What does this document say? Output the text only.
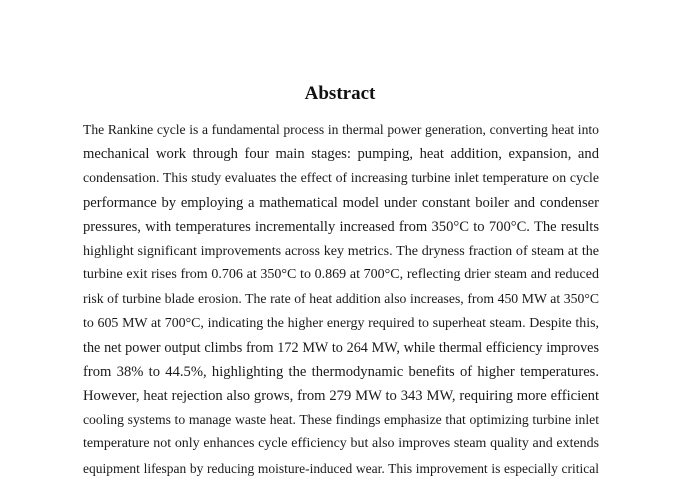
Abstract
The Rankine cycle is a fundamental process in thermal power generation, converting heat into
mechanical work through four main stages: pumping, heat addition, expansion, and
condensation. This study evaluates the effect of increasing turbine inlet temperature on cycle
performance by employing a mathematical model under constant boiler and condenser
pressures, with temperatures incrementally increased from 350°C to 700°C. The results
highlight significant improvements across key metrics. The dryness fraction of steam at the
turbine exit rises from 0.706 at 350°C to 0.869 at 700°C, reflecting drier steam and reduced
risk of turbine blade erosion. The rate of heat addition also increases, from 450 MW at 350°C
to 605 MW at 700°C, indicating the higher energy required to superheat steam. Despite this,
the net power output climbs from 172 MW to 264 MW, while thermal efficiency improves
from 38% to 44.5%, highlighting the thermodynamic benefits of higher temperatures.
However, heat rejection also grows, from 279 MW to 343 MW, requiring more efficient
cooling systems to manage waste heat. These findings emphasize that optimizing turbine inlet
temperature not only enhances cycle efficiency but also improves steam quality and extends
equipment lifespan by reducing moisture-induced wear. This improvement is especially critical
